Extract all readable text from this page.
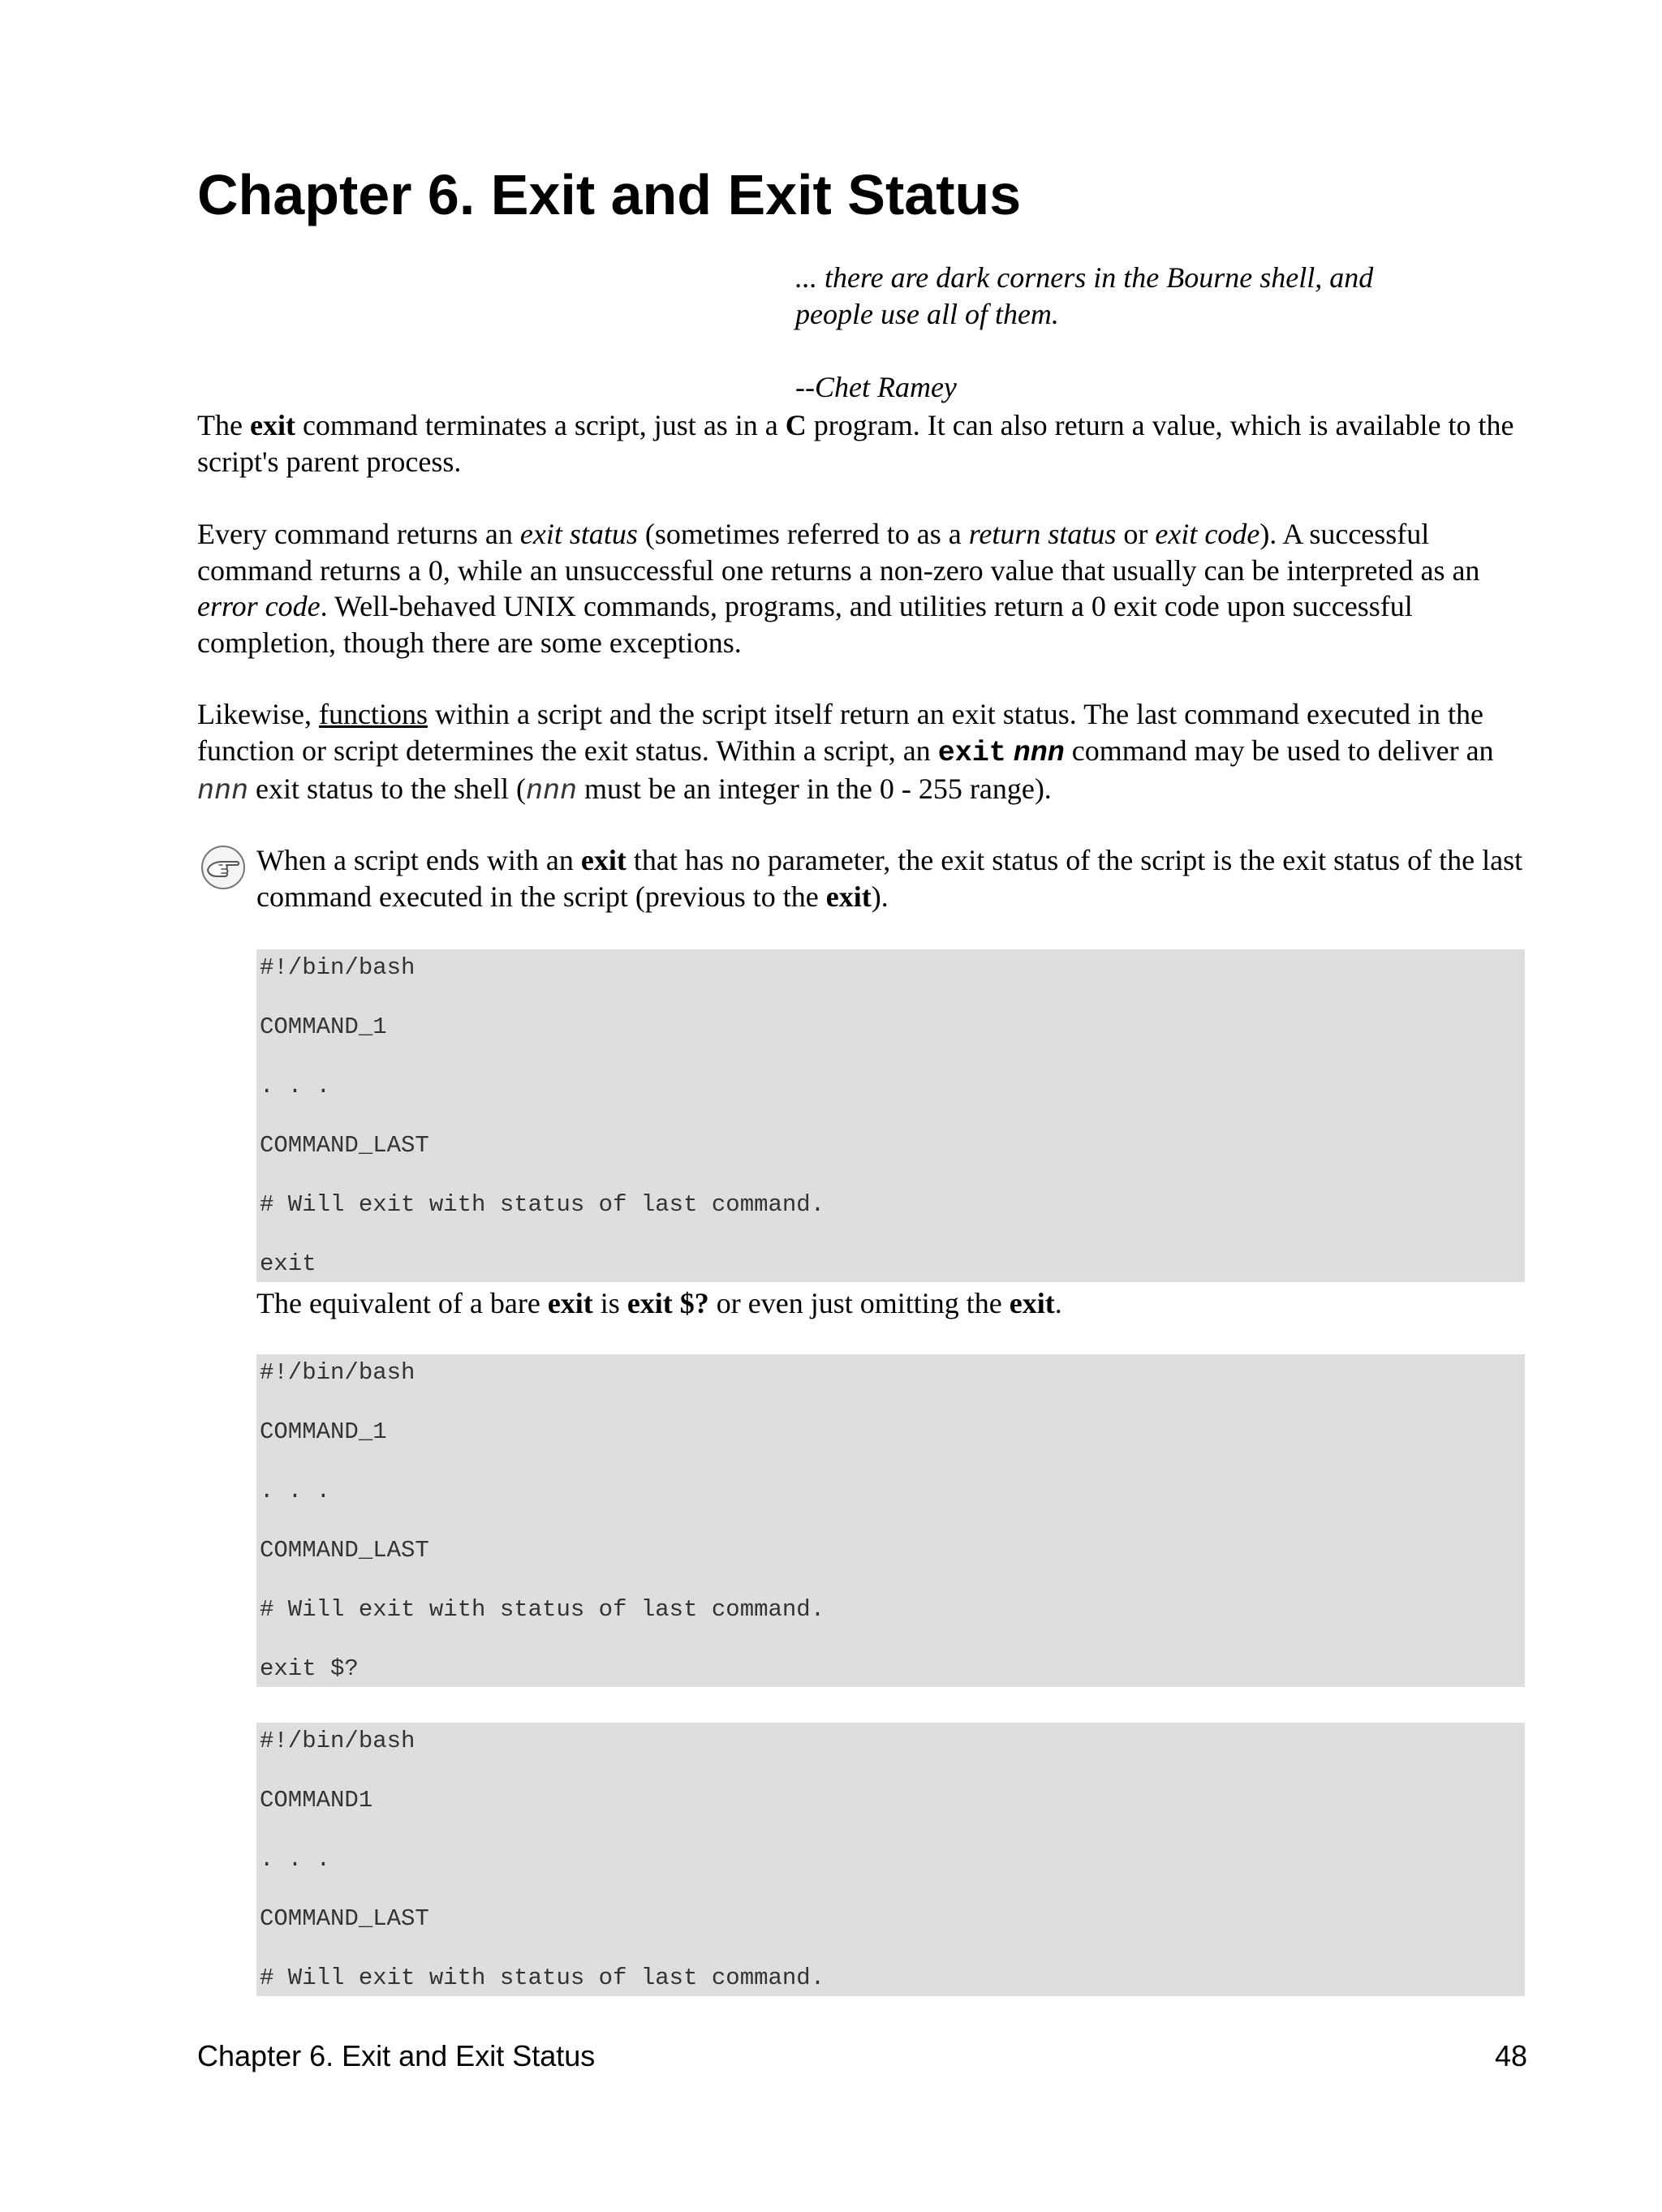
Chapter 6. Exit and Exit Status
... there are dark corners in the Bourne shell, and
people use all of them.
--Chet Ramey

The exit command terminates a script, just as in a C program. It can also return a value, which is available to the script's parent process.

Every command returns an exit status (sometimes referred to as a return status or exit code). A successful command returns a 0, while an unsuccessful one returns a non-zero value that usually can be interpreted as an error code. Well-behaved UNIX commands, programs, and utilities return a 0 exit code upon successful completion, though there are some exceptions.

Likewise, functions within a script and the script itself return an exit status. The last command executed in the function or script determines the exit status. Within a script, an exit nnn command may be used to deliver an nnn exit status to the shell (nnn must be an integer in the 0 - 255 range).

When a script ends with an exit that has no parameter, the exit status of the script is the exit status of the last command executed in the script (previous to the exit).

#!/bin/bash
COMMAND_1
. . .
COMMAND_LAST
# Will exit with status of last command.
exit

The equivalent of a bare exit is exit $? or even just omitting the exit.

#!/bin/bash
COMMAND_1
. . .
COMMAND_LAST
# Will exit with status of last command.
exit $?
#!/bin/bash
COMMAND1
. . .
COMMAND_LAST
# Will exit with status of last command.
Chapter 6. Exit and Exit Status	48
